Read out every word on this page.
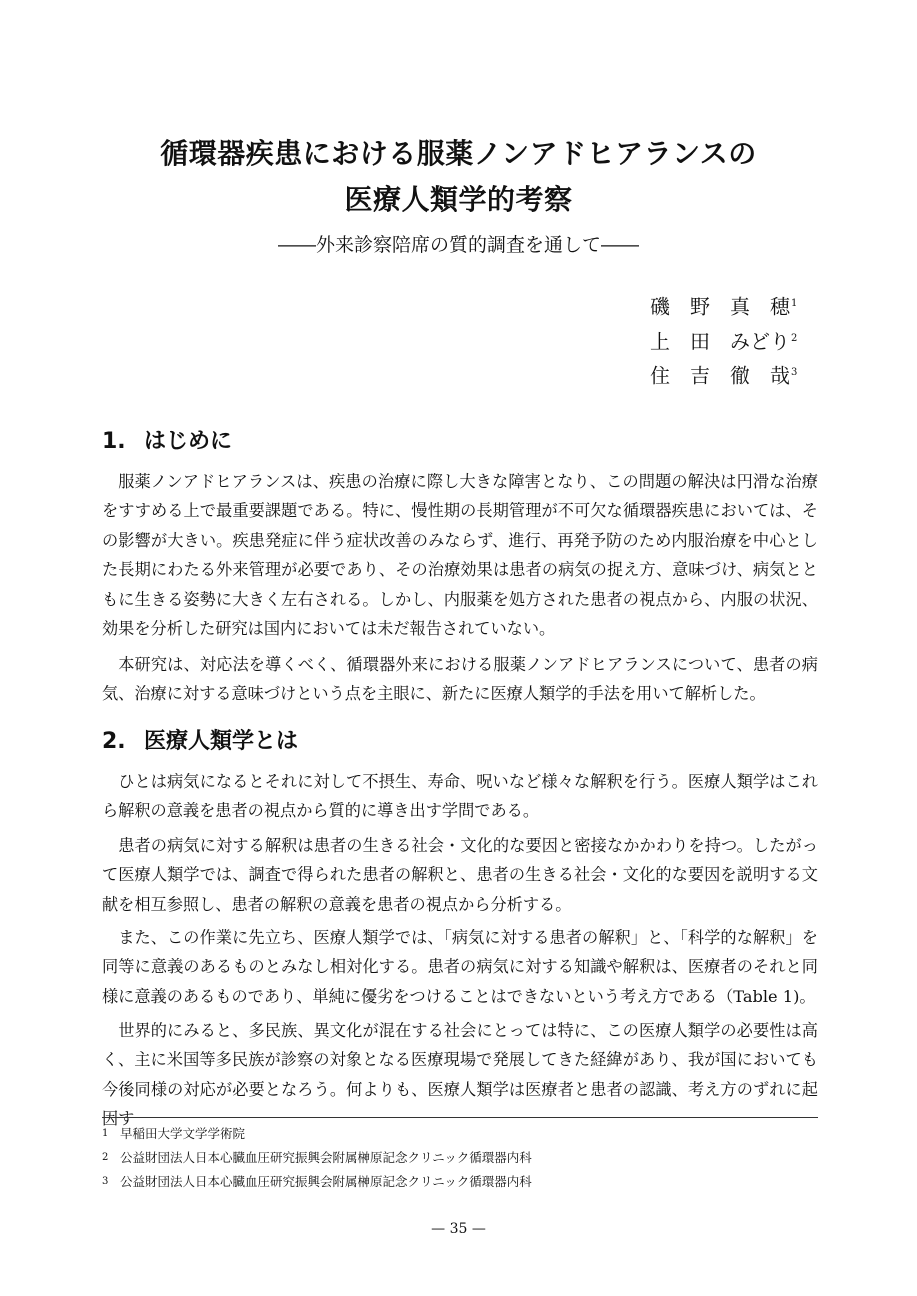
循環器疾患における服薬ノンアドヒアランスの
医療人類学的考察
――外来診察陪席の質的調査を通して――
磯　野　真　穂$^1$
上　田　みどり$^2$
住　吉　徹　哉$^3$
1. はじめに

服薬ノンアドヒアランスは、疾患の治療に際し大きな障害となり、この問題の解決は円滑な治療をすすめる上で最重要課題である。特に、慢性期の長期管理が不可欠な循環器疾患においては、その影響が大きい。疾患発症に伴う症状改善のみならず、進行、再発予防のため内服治療を中心とした長期にわたる外来管理が必要であり、その治療効果は患者の病気の捉え方、意味づけ、病気とともに生きる姿勢に大きく左右される。しかし、内服薬を処方された患者の視点から、内服の状況、効果を分析した研究は国内においては未だ報告されていない。

本研究は、対応法を導くべく、循環器外来における服薬ノンアドヒアランスについて、患者の病気、治療に対する意味づけという点を主眼に、新たに医療人類学的手法を用いて解析した。

2. 医療人類学とは

ひとは病気になるとそれに対して不摂生、寿命、呪いなど様々な解釈を行う。医療人類学はこれら解釈の意義を患者の視点から質的に導き出す学問である。

患者の病気に対する解釈は患者の生きる社会・文化的な要因と密接なかかわりを持つ。したがって医療人類学では、調査で得られた患者の解釈と、患者の生きる社会・文化的な要因を説明する文献を相互参照し、患者の解釈の意義を患者の視点から分析する。

また、この作業に先立ち、医療人類学では、「病気に対する患者の解釈」と、「科学的な解釈」を同等に意義のあるものとみなし相対化する。患者の病気に対する知識や解釈は、医療者のそれと同様に意義のあるものであり、単純に優劣をつけることはできないという考え方である（Table 1)。

世界的にみると、多民族、異文化が混在する社会にとっては特に、この医療人類学の必要性は高く、主に米国等多民族が診察の対象となる医療現場で発展してきた経緯があり、我が国においても今後同様の対応が必要となろう。何よりも、医療人類学は医療者と患者の認識、考え方のずれに起因す

1 早稲田大学文学学術院
2 公益財団法人日本心臓血圧研究振興会附属榊原記念クリニック循環器内科
3 公益財団法人日本心臓血圧研究振興会附属榊原記念クリニック循環器内科
— 35 —
